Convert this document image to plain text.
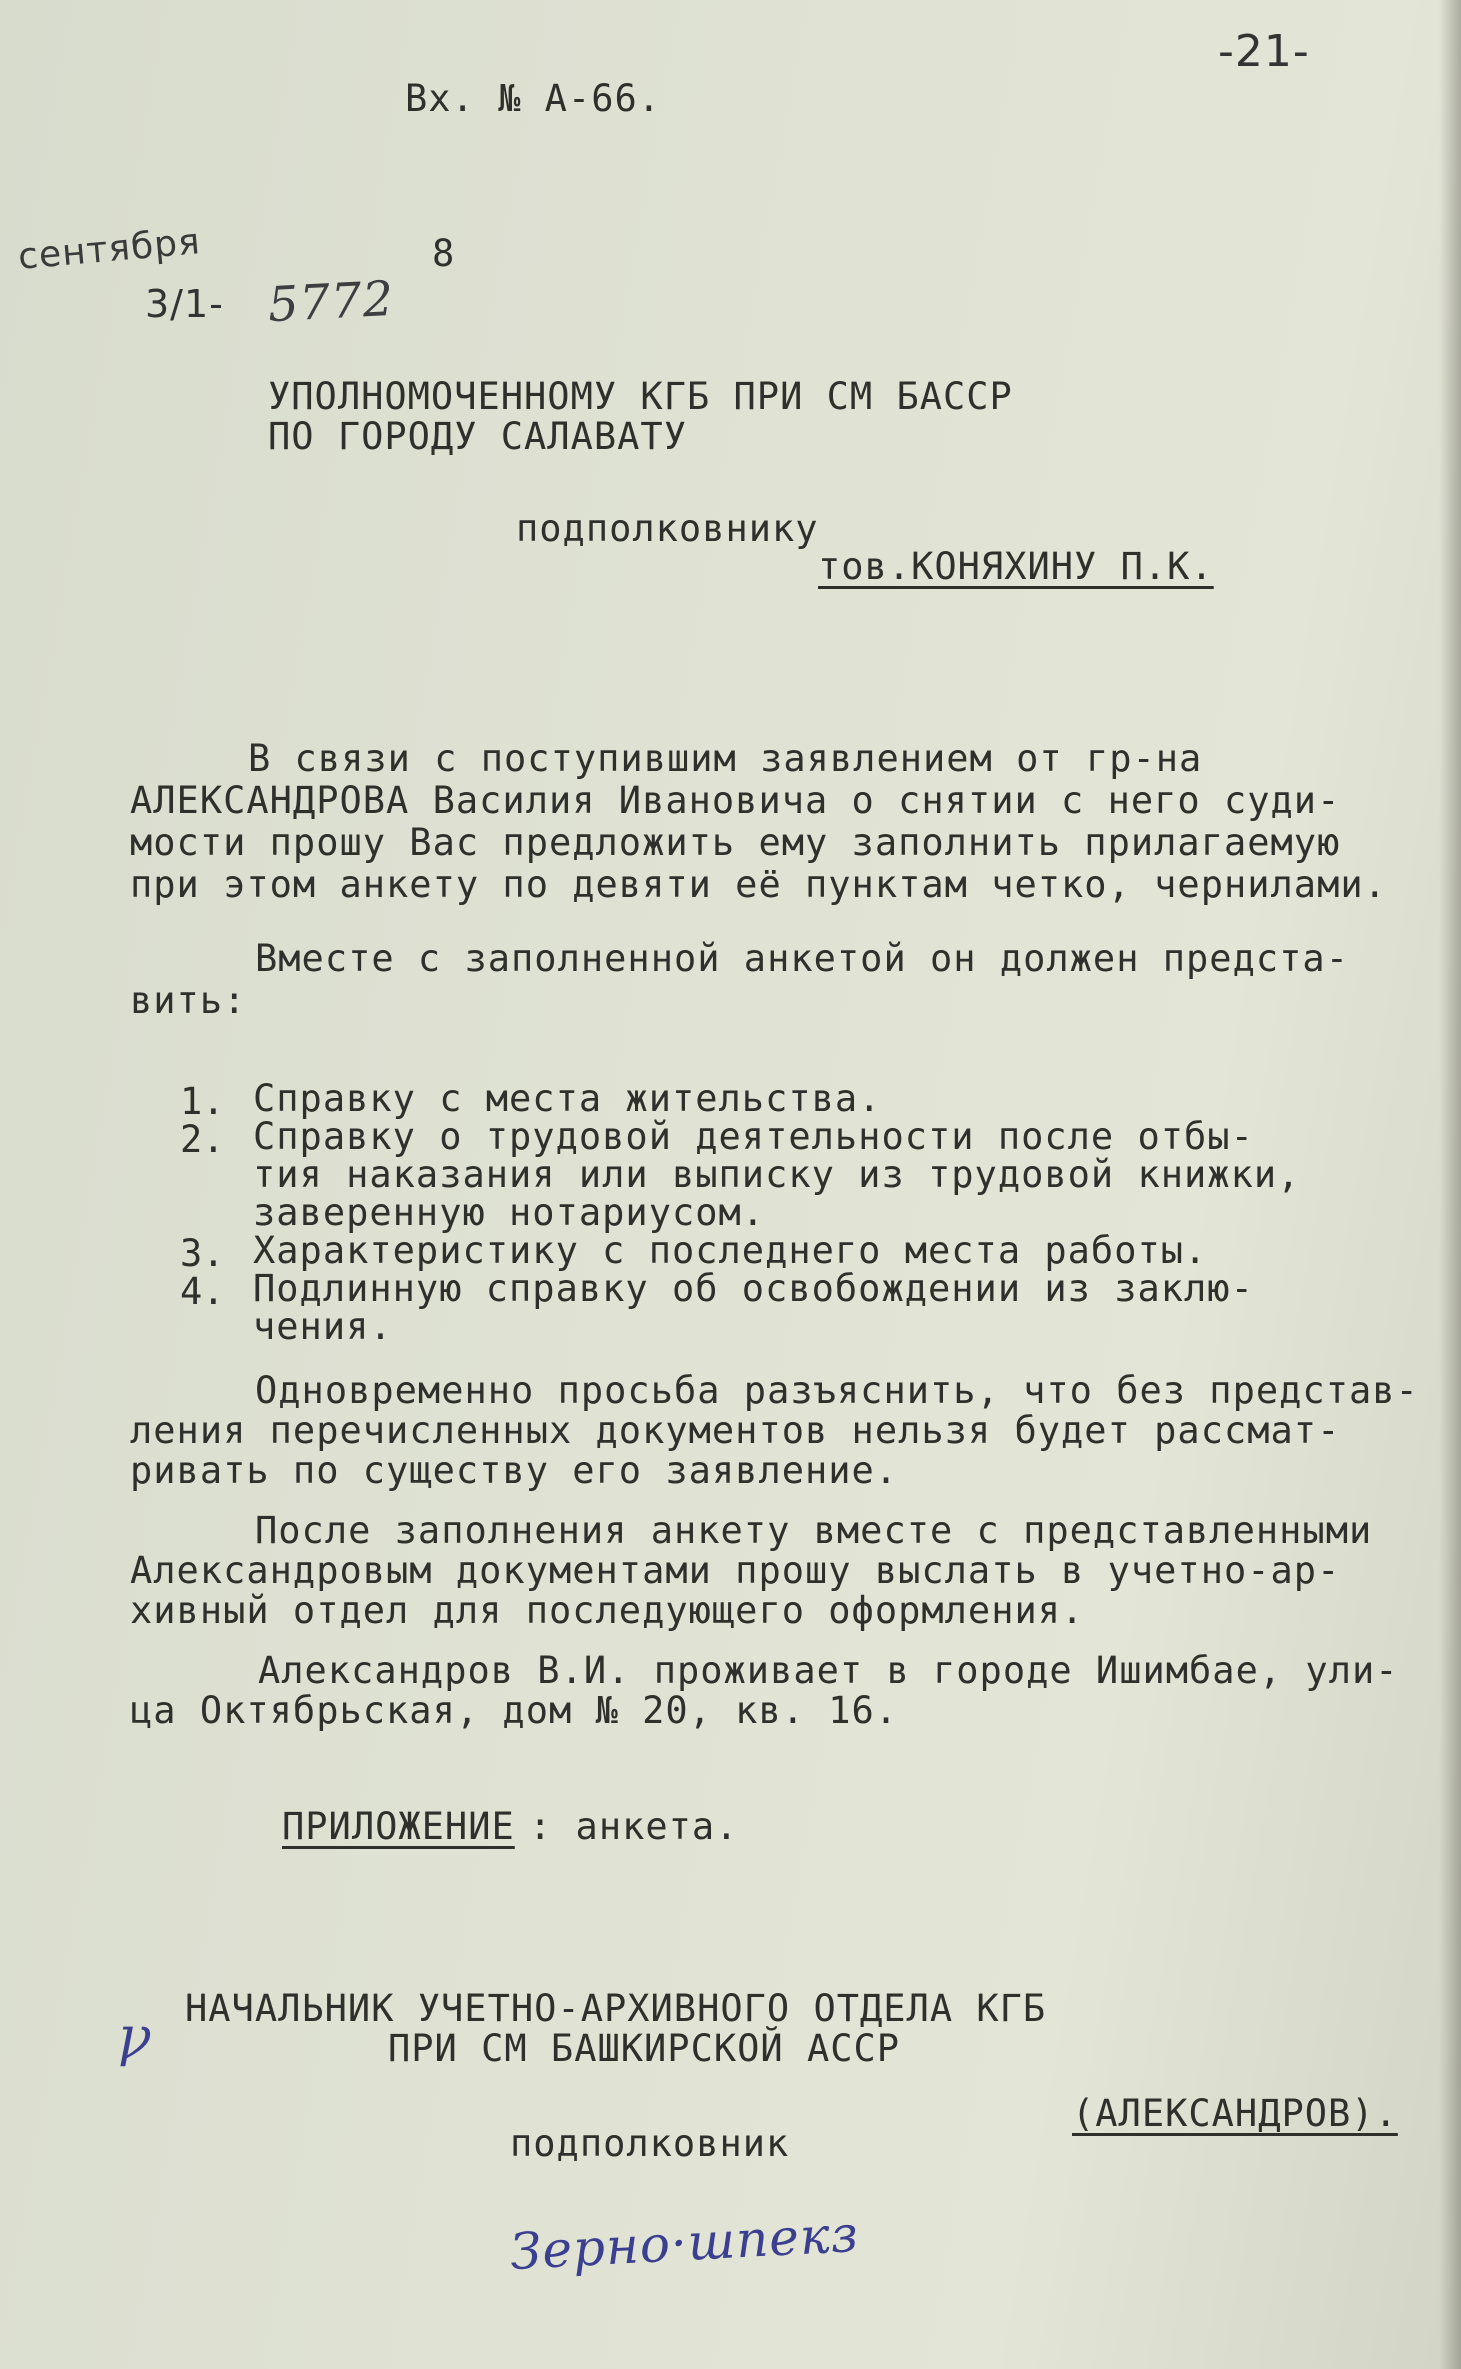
-21-
Вх. № А-66.
сентября	8
3/1- 5772
УПОЛНОМОЧЕННОМУ КГБ ПРИ СМ БАССР
ПО ГОРОДУ САЛАВАТУ
подполковнику
тов.КОНЯХИНУ П.К.
В связи с поступившим заявлением от гр-на
АЛЕКСАНДРОВА Василия Ивановича о снятии с него суди-
мости прошу Вас предложить ему заполнить прилагаемую
при этом анкету по девяти её пунктам четко, чернилами.
Вместе с заполненной анкетой он должен предста-
вить:
1. Справку с места жительства.
2. Справку о трудовой деятельности после отбы-
тия наказания или выписку из трудовой книжки,
заверенную нотариусом.
3. Характеристику с последнего места работы.
4. Подлинную справку об освобождении из заклю-
чения.
Одновременно просьба разъяснить, что без представ-
ления перечисленных документов нельзя будет рассмат-
ривать по существу его заявление.
После заполнения анкету вместе с представленными
Александровым документами прошу выслать в учетно-ар-
хивный отдел для последующего оформления.
Александров В.И. проживает в городе Ишимбае, ули-
ца Октябрьская, дом № 20, кв. 16.
ПРИЛОЖЕНИЕ : анкета.
ꝩ НАЧАЛЬНИК УЧЕТНО-АРХИВНОГО ОТДЕЛА КГБ
ПРИ СМ БАШКИРСКОЙ АССР
подполковник
(АЛЕКСАНДРОВ).
Зерно·шпекз
